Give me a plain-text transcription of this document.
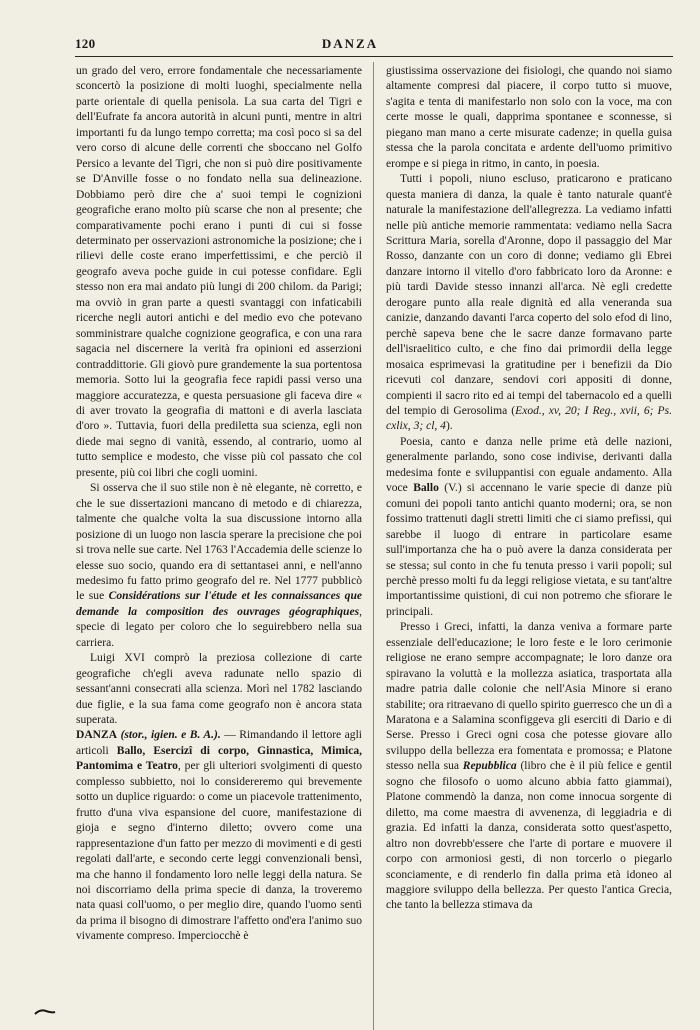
120	DANZA

un grado del vero, errore fondamentale che necessariamente sconcertò la posizione di molti luoghi, specialmente nella parte orientale di quella penisola. La sua carta del Tigri e dell'Eufrate fa ancora autorità in alcuni punti, mentre in altri importanti fu da lungo tempo corretta; ma così poco si sa del vero corso di alcune delle correnti che sboccano nel Golfo Persico a levante del Tigri, che non si può dire positivamente se D'Anville fosse o no fondato nella sua delineazione. Dobbiamo però dire che a' suoi tempi le cognizioni geografiche erano molto più scarse che non al presente; che comparativamente pochi erano i punti di cui si fosse determinato per osservazioni astronomiche la posizione; che i rilievi delle coste erano imperfettissimi, e che perciò il geografo aveva poche guide in cui potesse confidare. Egli stesso non era mai andato più lungi di 200 chilom. da Parigi; ma ovviò in gran parte a questi svantaggi con infaticabili ricerche negli autori antichi e del medio evo che potevano somministrare qualche cognizione geografica, e con una rara sagacia nel discernere la verità fra opinioni ed asserzioni contraddittorie. Gli giovò pure grandemente la sua portentosa memoria. Sotto lui la geografia fece rapidi passi verso una maggiore accuratezza, e questa persuasione gli faceva dire « di aver trovato la geografia di mattoni e di averla lasciata d'oro ». Tuttavia, fuori della prediletta sua scienza, egli non diede mai segno di vanità, essendo, al contrario, uomo al tutto semplice e modesto, che visse più col passato che col presente, più coi libri che cogli uomini.

Si osserva che il suo stile non è nè elegante, nè corretto, e che le sue dissertazioni mancano di metodo e di chiarezza, talmente che qualche volta la sua discussione intorno alla posizione di un luogo non lascia sperare la precisione che poi si trova nelle sue carte. Nel 1763 l'Accademia delle scienze lo elesse suo socio, quando era di settantasei anni, e nell'anno medesimo fu fatto primo geografo del re. Nel 1777 pubblicò le sue Considérations sur l'étude et les connaissances que demande la composition des ouvrages géographiques, specie di legato per coloro che lo seguirebbero nella sua carriera.

Luigi XVI comprò la preziosa collezione di carte geografiche ch'egli aveva radunate nello spazio di sessant'anni consecrati alla scienza. Morì nel 1782 lasciando due figlie, e la sua fama come geografo non è ancora stata superata.

DANZA (stor., igien. e B. A.). — Rimandando il lettore agli articoli Ballo, Esercizî di corpo, Ginnastica, Mimica, Pantomima e Teatro, per gli ulteriori svolgimenti di questo complesso subbietto, noi lo considereremo qui brevemente sotto un duplice riguardo: o come un piacevole trattenimento, frutto d'una viva espansione del cuore, manifestazione di gioja e segno d'interno diletto; ovvero come una rappresentazione d'un fatto per mezzo di movimenti e di gesti regolati dall'arte, e secondo certe leggi convenzionali bensì, ma che hanno il fondamento loro nelle leggi della natura. Se noi discorriamo della prima specie di danza, la troveremo nata quasi coll'uomo, o per meglio dire, quando l'uomo sentì da prima il bisogno di dimostrare l'affetto ond'era l'animo suo vivamente compreso. Imperciocchè è

giustissima osservazione dei fisiologi, che quando noi siamo altamente compresi dal piacere, il corpo tutto si muove, s'agita e tenta di manifestarlo non solo con la voce, ma con certe mosse le quali, dapprima spontanee e sconnesse, si piegano man mano a certe misurate cadenze; in quella guisa stessa che la parola concitata e ardente dell'uomo primitivo erompe e si piega in ritmo, in canto, in poesia.

Tutti i popoli, niuno escluso, praticarono e praticano questa maniera di danza, la quale è tanto naturale quant'è naturale la manifestazione dell'allegrezza. La vediamo infatti nelle più antiche memorie rammentata: vediamo nella Sacra Scrittura Maria, sorella d'Aronne, dopo il passaggio del Mar Rosso, danzante con un coro di donne; vediamo gli Ebrei danzare intorno il vitello d'oro fabbricato loro da Aronne: e più tardi Davide stesso innanzi all'arca. Nè egli credette derogare punto alla reale dignità ed alla veneranda sua canizie, danzando davanti l'arca coperto del solo efod di lino, perchè sapeva bene che le sacre danze formavano parte dell'israelitico culto, e che fino dai primordii della legge mosaica esprimevasi la gratitudine per i benefizii da Dio ricevuti col danzare, sendovi cori appositi di donne, compienti il sacro rito ed ai tempi del tabernacolo ed a quelli del tempio di Gerosolima (Exod., xv, 20; I Reg., xvii, 6; Ps. cxlix, 3; cl, 4).

Poesia, canto e danza nelle prime età delle nazioni, generalmente parlando, sono cose indivise, derivanti dalla medesima fonte e sviluppantisi con eguale andamento. Alla voce Ballo (V.) si accennano le varie specie di danze più comuni dei popoli tanto antichi quanto moderni; ora, se non fossimo trattenuti dagli stretti limiti che ci siamo prefissi, qui sarebbe il luogo di entrare in particolare esame sull'importanza che ha o può avere la danza considerata per se stessa; sul conto in che fu tenuta presso i varii popoli; sul perchè presso molti fu da leggi religiose vietata, e su tant'altre importantissime quistioni, di cui non potremo che sfiorare le principali.

Presso i Greci, infatti, la danza veniva a formare parte essenziale dell'educazione; le loro feste e le loro cerimonie religiose ne erano sempre accompagnate; le loro danze ora spiravano la voluttà e la mollezza asiatica, trasportata alla madre patria dalle colonie che nell'Asia Minore si erano stabilite; ora ritraevano di quello spirito guerresco che un dì a Maratona e a Salamina sconfiggeva gli eserciti di Dario e di Serse. Presso i Greci ogni cosa che potesse giovare allo sviluppo della bellezza era fomentata e promossa; e Platone stesso nella sua Repubblica (libro che è il più felice e gentil sogno che filosofo o uomo alcuno abbia fatto giammai), Platone commendò la danza, non come innocua sorgente di diletto, ma come maestra di avvenenza, di leggiadria e di grazia. Ed infatti la danza, considerata sotto quest'aspetto, altro non dovrebb'essere che l'arte di portare e muovere il corpo con armoniosi gesti, di non torcerlo o piegarlo sconciamente, e di renderlo fin dalla prima età idoneo al maggiore sviluppo della bellezza. Per questo l'antica Grecia, che tanto la bellezza stimava da
